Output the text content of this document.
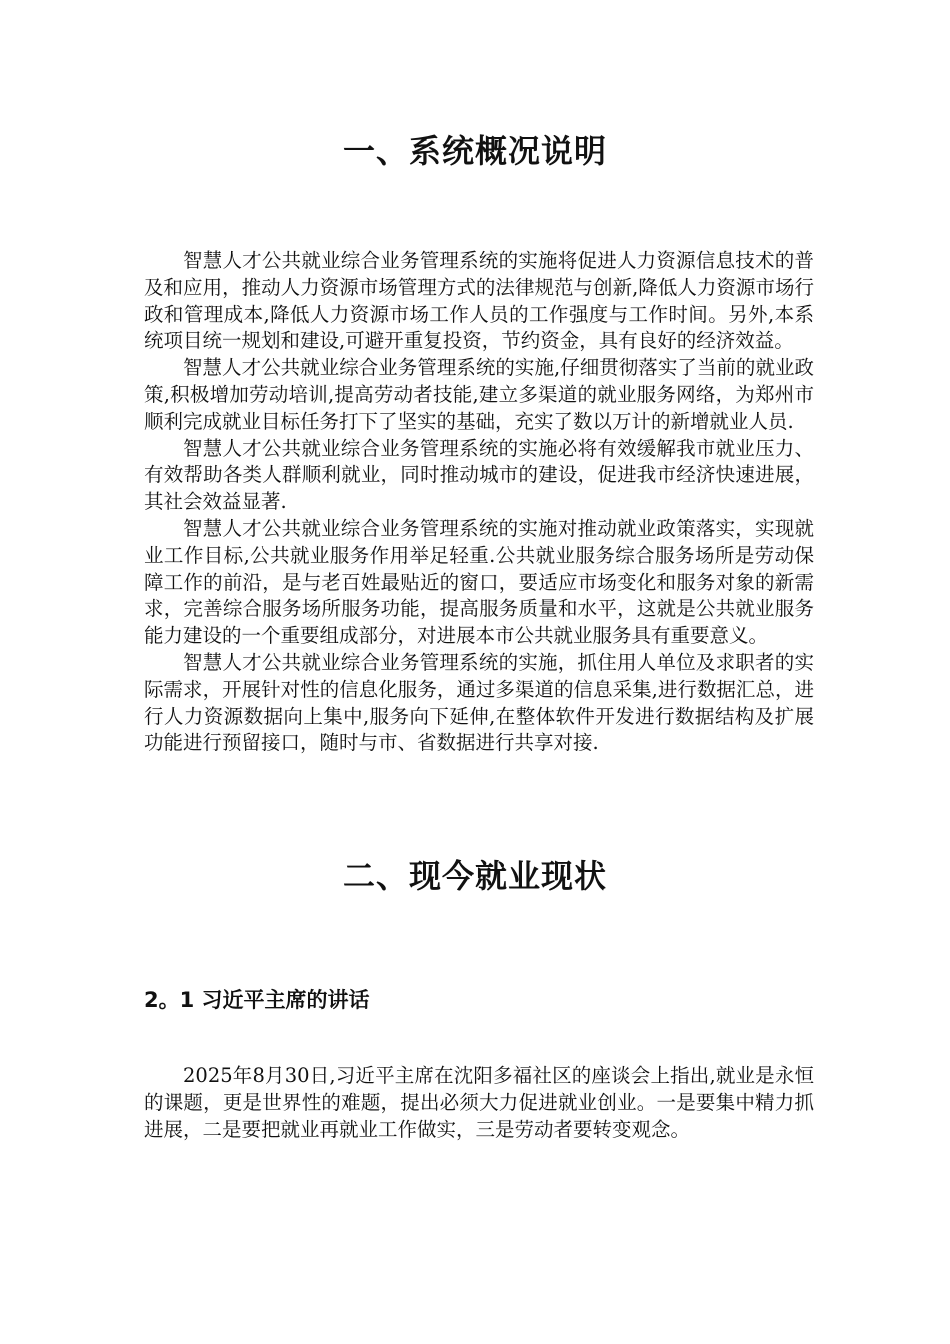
一、系统概况说明

智慧人才公共就业综合业务管理系统的实施将促进人力资源信息技术的普及和应用，推动人力资源市场管理方式的法律规范与创新,降低人力资源市场行政和管理成本,降低人力资源市场工作人员的工作强度与工作时间。另外,本系统项目统一规划和建设,可避开重复投资，节约资金，具有良好的经济效益。

智慧人才公共就业综合业务管理系统的实施,仔细贯彻落实了当前的就业政策,积极增加劳动培训,提高劳动者技能,建立多渠道的就业服务网络，为郑州市顺利完成就业目标任务打下了坚实的基础，充实了数以万计的新增就业人员.

智慧人才公共就业综合业务管理系统的实施必将有效缓解我市就业压力、有效帮助各类人群顺利就业，同时推动城市的建设，促进我市经济快速进展，其社会效益显著.

智慧人才公共就业综合业务管理系统的实施对推动就业政策落实，实现就业工作目标,公共就业服务作用举足轻重.公共就业服务综合服务场所是劳动保障工作的前沿，是与老百姓最贴近的窗口，要适应市场变化和服务对象的新需求，完善综合服务场所服务功能，提高服务质量和水平，这就是公共就业服务能力建设的一个重要组成部分，对进展本市公共就业服务具有重要意义。

智慧人才公共就业综合业务管理系统的实施，抓住用人单位及求职者的实际需求，开展针对性的信息化服务，通过多渠道的信息采集,进行数据汇总，进行人力资源数据向上集中,服务向下延伸,在整体软件开发进行数据结构及扩展功能进行预留接口，随时与市、省数据进行共享对接.

二、现今就业现状
2。1 习近平主席的讲话

2025年8月30日,习近平主席在沈阳多福社区的座谈会上指出,就业是永恒的课题，更是世界性的难题，提出必须大力促进就业创业。一是要集中精力抓进展，二是要把就业再就业工作做实，三是劳动者要转变观念。
